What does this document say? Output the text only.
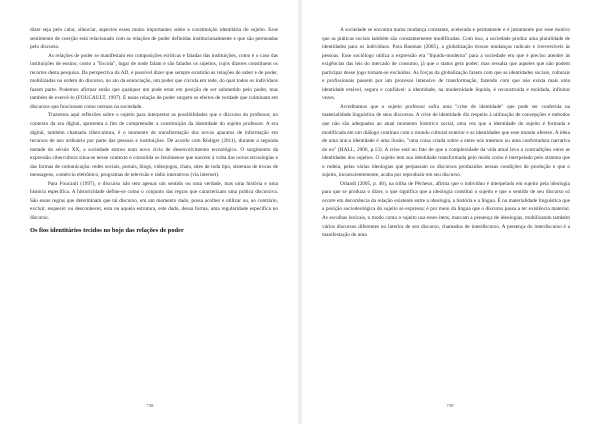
dizer seja pelo calar, silenciar, aspectos esses muito importantes sobre a constituição identitária do sujeito. Esse sentimento de coerção está relacionado com as relações de poder definidas institucionalmente e que são permeadas pelo discurso.

As relações de poder se manifestam em composições ecríticas e faladas das instituições, como é o caso das instituições de ensino, como a "Escola", lugar de onde falam e são falados os sujeitos, cujos dizeres constituem os recortes desta pesquisa. Da perspectiva da AD, é possível dizer que sempre existirão as relações de saber e de poder, mobilizadas no ordem do discurso, no ato da enunciação, um poder que circula em rede, do qual todos os indivíduos fazem parte. Podemos afirmar então que qualquer um pode estar em posição de ser submetido pelo poder, mas também de exercê-lo (FOUCAULT, 1997). E essas relação de poder surgem os efeitos de verdade que culminam em discursos que funcionam como normas na sociedade.

Trazemos aqui reflexões sobre o sujeito para interpretar as possibilidades que o discurso do professor, no contexto da era digital, apresenta a fim de compreender a constituição da identidade do sujeito professor. A era digital, também chamada cibercultura, é o momento de transformação dos novos aparatos de informação em recursos de uso ordinário por parte das pessoas e instituições. De acordo com Rüdiger (2011), durante a segunda metade do século XX, a sociedade entrou num novo ciclo de desenvolvimento tecnológico. O surgimento da expressão cibercultura situa-se nesse contexto e consolida os fenômenos que nascem à volta das novas tecnologias e das formas de comunicação: redes sociais, portais, blogs, videojogos, chats, sites de toda tipo, sistemas de trocas de mensagens, comércio eletrônico, programas de televisão e rádio interativos (via internet).

Para Foucault (1997), o discurso não tem apenas um sentido ou uma verdade, mas uma história e uma história específica. A historicidade define-se como o conjunto das regras que caracterizam uma prática discursiva. São essas regras que determinam que tal discurso, em um momento dado, possa acolher e utilizar ou, ao contrário, excluir, esquecer ou desconhecer, esta ou aquela estrutura, este dado, dessa forma, uma regularidade específica no discurso.

Os fios identitários tecidos no bojo das relações de poder
738

A sociedade se encontra numa mudança constante, acelerada e permanente e é justamente por esse motivo que as práticas sociais também são constantemente modificadas. Com isso, a sociedade produz uma pluralidade de identidades para os indivíduos. Para Bauman (2005), a globalização trouxe mudanças radicais e irreversíveis às pessoas. Esse sociólogo utiliza a expressão era "líquido-moderna" para a sociedade em que é preciso atender às exigências das leis do mercado de consumo, já que o status gera poder; mas ressalta que aqueles que não podem participar desse jogo tornam-se excluídos. As forças da globalização fazem com que as identidades sociais, culturais e profissionais passem por um processo intensivo de transformação, fazendo com que não exista mais uma identidade estável, segura e confiável: a identidade, na modernidade líquida, é reconstruída e moldada, infinitas vezes.

Acreditamos que o sujeito professor sofra uma "crise de identidade" que pode ser conferida na materialidade linguística de seus discursos. A crise de identidade diz respeito à utilização de concepções e métodos que não são adequados ao atual momento histórico social, uma vez que a identidade do sujeito é formada e modificada em um diálogo contínuo com o mundo cultural exterior e as identidades que esse mundo oferece. A ideia de uma única identidade é uma ilusão, "uma coisa criada sobre a entre nós mesmos ou uma confortadora narrativa do eu" (HALL, 2006, p.13). A crise está no fato de que a complexidade da vida atual leva a contradições entre as identidades dos sujeitos. O sujeito tem sua identidade transformada pelo modo como é interpelado pelo sistema que o rodeia, pelas várias ideologias que perpassam os discursos produzidos nessas condições de produção e que o sujeito, inconscientemente, acaba por reproduzir em seu discurso.

Orlandi (2005, p. 46), na trilha de Pêcheux, afirma que o indivíduo é interpelado em sujeito pela ideologia para que se produza o dizer, o que significa que a ideologia constitui o sujeito e que o sentido de seu discurso só ocorre em decorrência da relação existente entre a ideologia, a história e a língua. É na materialidade linguística que a posição sociodeológica do sujeito se expressa; é por meio da língua que o discurso passa a ter existência material. As escolhas lexicais, o modo como o sujeito usa esses itens, marcam a presença de ideologias, mobilizando também vários discursos diferentes no interior de seu discurso, chamados de interdiscurso. A presença do interdiscurso é a manifestação de uma

739
